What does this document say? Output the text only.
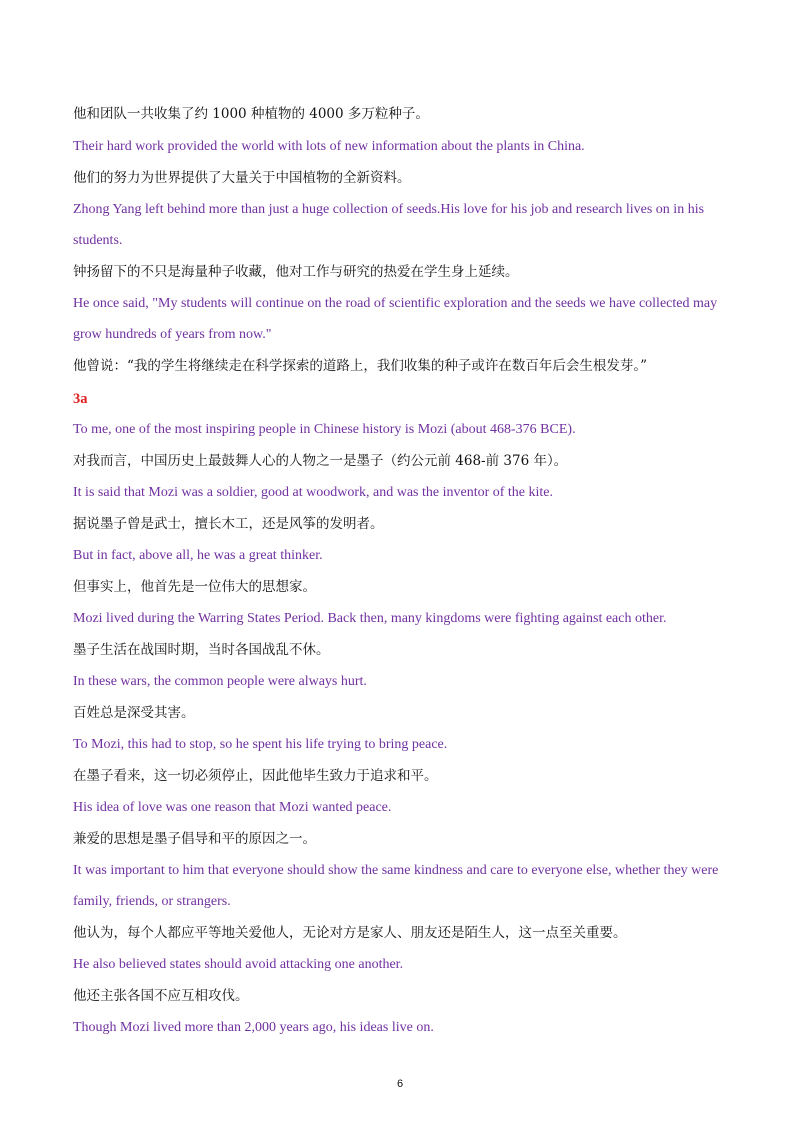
他和团队一共收集了约 1000 种植物的 4000 多万粒种子。
Their hard work provided the world with lots of new information about the plants in China.
他们的努力为世界提供了大量关于中国植物的全新资料。
Zhong Yang left behind more than just a huge collection of seeds.His love for his job and research lives on in his
students.
钟扬留下的不只是海量种子收藏，他对工作与研究的热爱在学生身上延续。
He once said, "My students will continue on the road of scientific exploration and the seeds we have collected may
grow hundreds of years from now."
他曾说：“我的学生将继续走在科学探索的道路上，我们收集的种子或许在数百年后会生根发芽。”
3a
To me, one of the most inspiring people in Chinese history is Mozi (about 468-376 BCE).
对我而言，中国历史上最鼓舞人心的人物之一是墨子（约公元前 468-前 376 年）。
It is said that Mozi was a soldier, good at woodwork, and was the inventor of the kite.
据说墨子曾是武士，擅长木工，还是风筝的发明者。
But in fact, above all, he was a great thinker.
但事实上，他首先是一位伟大的思想家。
Mozi lived during the Warring States Period. Back then, many kingdoms were fighting against each other.
墨子生活在战国时期，当时各国战乱不休。
In these wars, the common people were always hurt.
百姓总是深受其害。
To Mozi, this had to stop, so he spent his life trying to bring peace.
在墨子看来，这一切必须停止，因此他毕生致力于追求和平。
His idea of love was one reason that Mozi wanted peace.
兼爱的思想是墨子倡导和平的原因之一。
It was important to him that everyone should show the same kindness and care to everyone else, whether they were
family, friends, or strangers.
他认为，每个人都应平等地关爱他人，无论对方是家人、朋友还是陌生人，这一点至关重要。
He also believed states should avoid attacking one another.
他还主张各国不应互相攻伐。
Though Mozi lived more than 2,000 years ago, his ideas live on.
6
